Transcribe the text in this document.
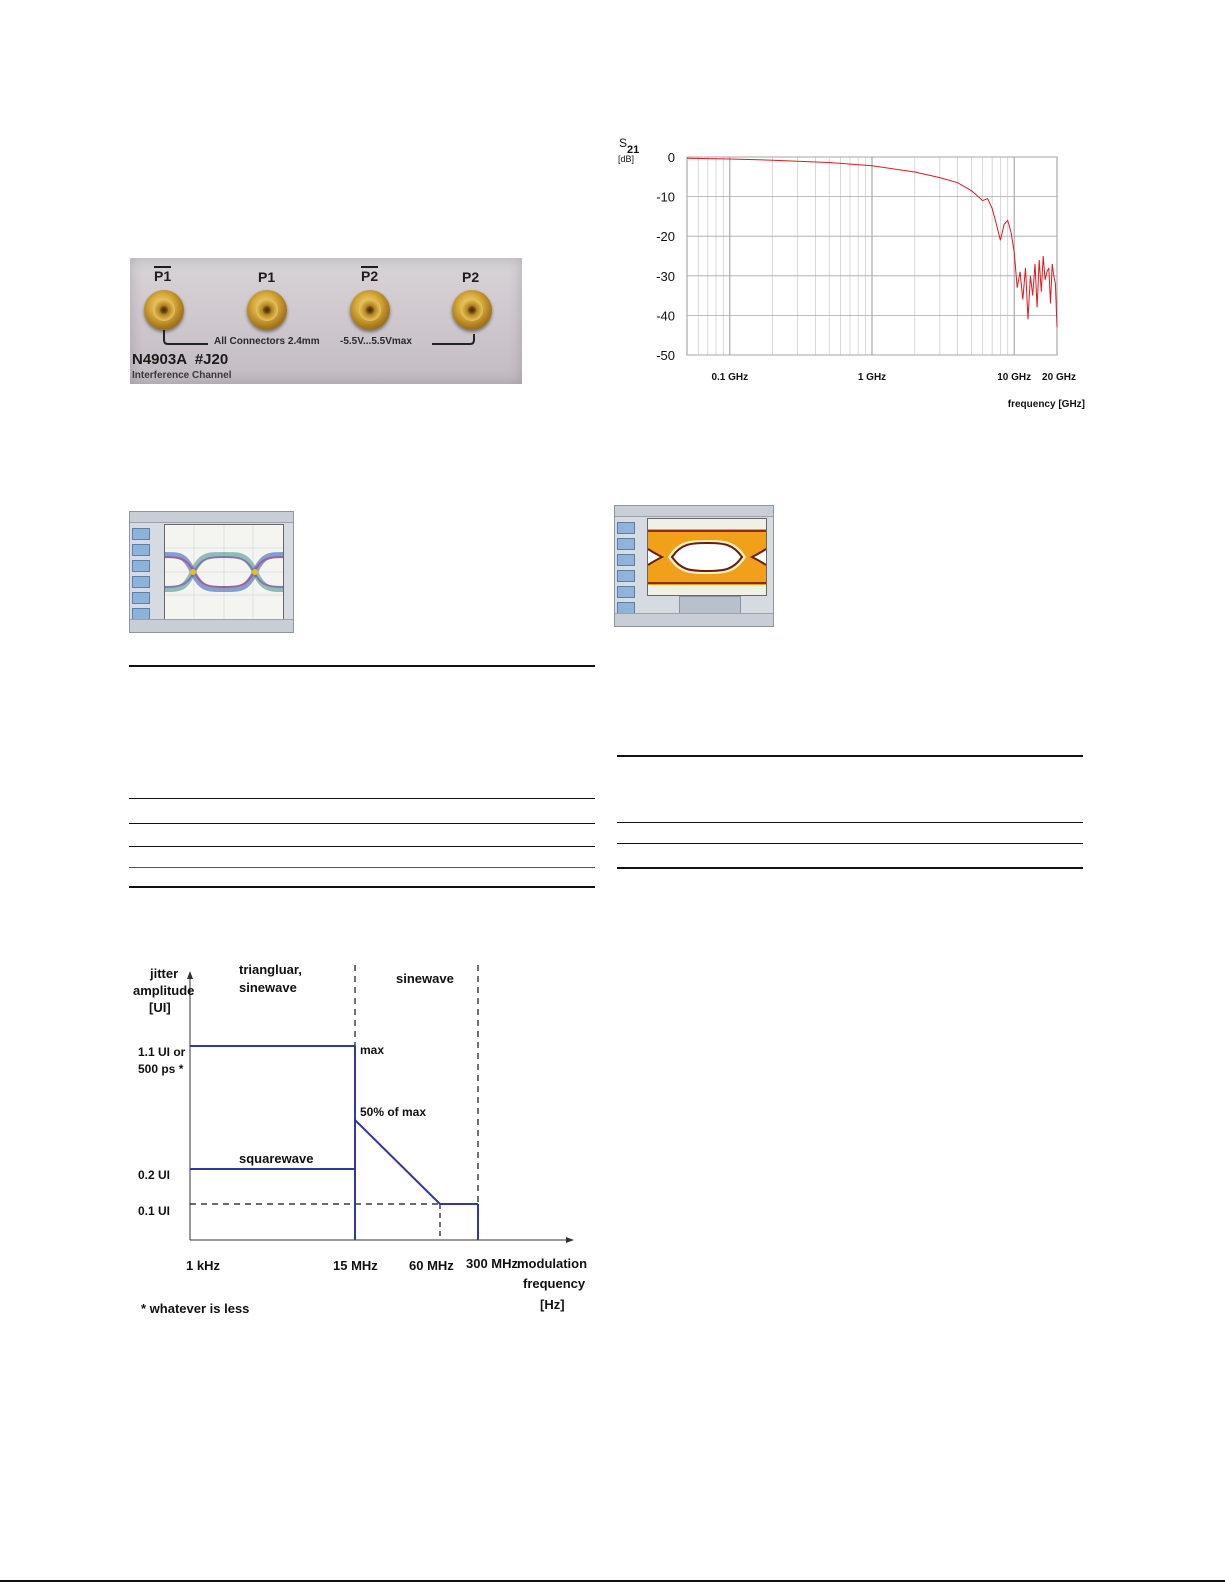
P1	P1	P2	P2
All Connectors 2.4mm -5.5V...5.5Vmax
N4903A  #J20
Interference Channel
0
-10
-20
-30
-40
-50
0.1 GHz	1 GHz	10 GHz 20 GHz
S 21
[dB]
frequency [GHz]
jitter
amplitude
[UI]
triangluar,
sinewave
sinewave
1.1 UI or
500 ps *
0.2 UI
0.1 UI
max
50% of max
squarewave
1 kHz	15 MHz 60 MHz 300 MHz
modulation
frequency
[Hz]
* whatever is less
